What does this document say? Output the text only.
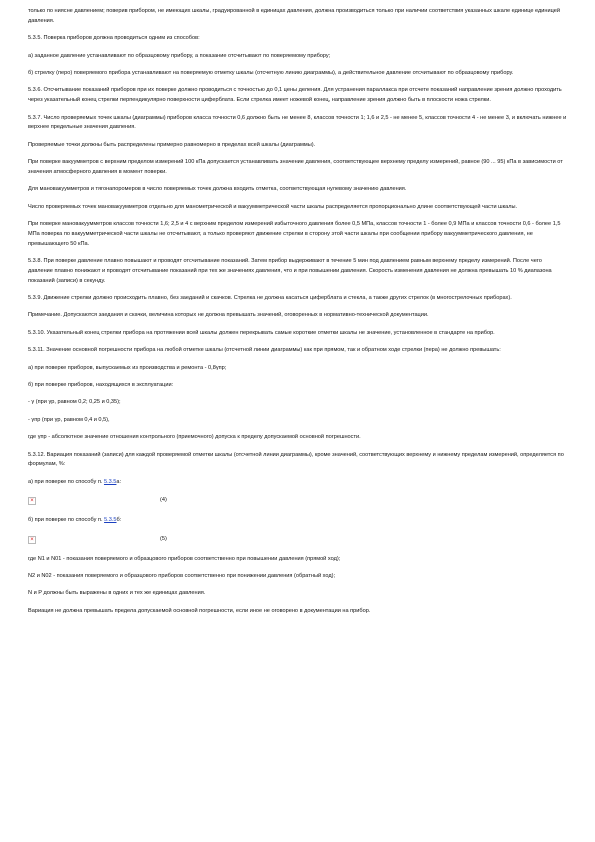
только по ниясне давлением; поверив прибором, не имеющих шкалы, градуированной в единицах давления, должна производиться только при наличии соответствия указанных шкале единице единицей давления.

5.3.5. Поверка приборов должна проводиться одним из способов:

а) заданное давление устанавливают по образцовому прибору, а показание отсчитывают по поверяемому прибору;

б) стрелку (перо) поверяемого прибора устанавливают на поверяемую отметку шкалы (отсчетную линию диаграммы), а действительное давление отсчитывают по образцовому прибору.

5.3.6. Отсчитывание показаний приборов при их поверке должно проводиться с точностью до 0,1 цены деления. Для устранения параллакса при отсчете показаний направление зрения должно проходить через указательный конец стрелки перпендикулярно поверхности циферблата. Если стрелка имеет ножевой конец, направление зрения должно быть в плоскости ножа стрелки.

5.3.7. Число проверяемых точек шкалы (диаграммы) приборов класса точности 0,6 должно быть не менее 8, классов точности 1; 1,6 и 2,5 - не менее 5, классов точности 4 - не менее 3, и включать нижнее и верхнее предельные значения давления.

Проверяемые точки должны быть распределены примерно равномерно в пределах всей шкалы (диаграммы).

При поверке вакуумметров с верхним пределом измерений 100 кПа допускается устанавливать значение давления, соответствующее верхнему пределу измерений, равное (90 ... 95) кПа в зависимости от значения атмосферного давления в момент поверки.

Для мановакуумметров и тягонапоромеров в число поверяемых точек должна входить отметка, соответствующая нулевому значению давления.

Число проверяемых точек мановакуумметров отдельно для манометрической и вакуумметрической части шкалы распределяется пропорционально длине соответствующей части шкалы.

При поверке мановакуумметров классов точности 1,6; 2,5 и 4 с верхним пределом измерений избыточного давления более 0,5 МПа, классов точности 1 - более 0,9 МПа и классов точности 0,6 - более 1,5 МПа поверка по вакуумметрической части шкалы не отсчитывают, а только проверяют движение стрелки в сторону этой части шкалы при сообщении прибору вакуумметрического давления, не превышающего 50 кПа.

5.3.8. При поверке давление плавно повышают и проводят отсчитывание показаний. Затем прибор выдерживают в течение 5 мин под давлением равным верхнему пределу измерений. После чего давление плавно понижают и проводят отсчитывание показаний при тех же значениях давления, что и при повышении давления. Скорость изменения давления не должна превышать 10 % диапазона показаний (записи) в секунду.

5.3.9. Движение стрелки должно происходить плавно, без заеданий и скачков. Стрелка не должна касаться циферблата и стекла, а также других стрелок (в многострелочных приборах).

Примечание. Допускаются заедания и скачки, величина которых не должна превышать значений, оговоренных в нормативно-технической документации.

5.3.10. Указательный конец стрелки прибора на протяжении всей шкалы должен перекрывать самые короткие отметки шкалы не значение, установленное в стандарте на прибор.

5.3.11. Значение основной погрешности прибора на любой отметке шкалы (отсчетной линии диаграммы) как при прямом, так и обратном ходе стрелки (пера) не должно превышать:

а) при поверке приборов, выпускаемых из производства и ремонта - 0,8γпр;

б) при поверке приборов, находящихся в эксплуатации:

- γ (при γр, равном 0,2; 0,25 и 0,35);

- γпр (при γр, равном 0,4 и 0,5),

где γпр - абсолютное значение отношения контрольного (приемочного) допуска к пределу допускаемой основной погрешности.

5.3.12. Вариация показаний (записи) для каждой проверяемой отметки шкалы (отсчетной линии диаграммы), кроме значений, соответствующих верхнему и нижнему пределам измерений, определяется по формулам, %:

а) при поверке по способу п. 5.3.5а:

×	(4)

б) при поверке по способу п. 5.3.5б:

×	(5)

где N1 и N01 - показания поверяемого и образцового приборов соответственно при повышении давления (прямой ход);

N2 и N02 - показания поверяемого и образцового приборов соответственно при понижении давления (обратный ход);

N и P должны быть выражены в одних и тех же единицах давления.

Вариация не должна превышать предела допускаемой основной погрешности, если иное не оговорено в документации на прибор.
